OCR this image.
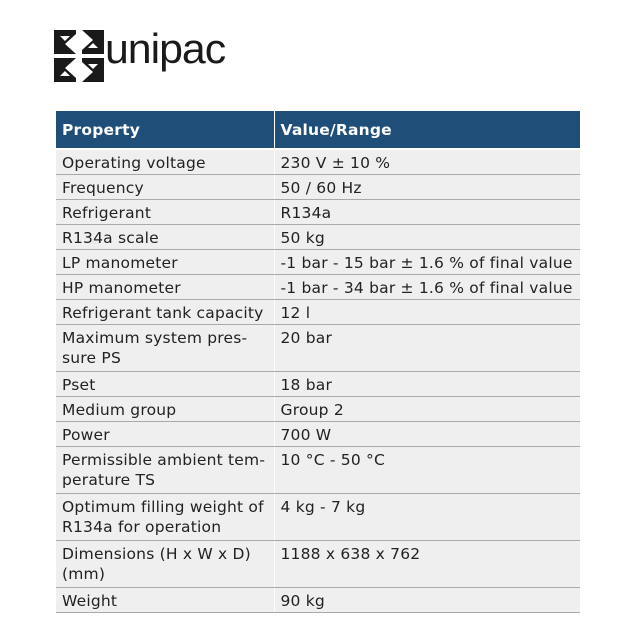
unipac
Property	Value/Range
Operating voltage	230 V ± 10 %
Frequency	50 / 60 Hz
Refrigerant	R134a
R134a scale	50 kg
LP manometer	-1 bar - 15 bar ± 1.6 % of final value
HP manometer	-1 bar - 34 bar ± 1.6 % of final value
Refrigerant tank capacity	12 l
Maximum system pres-sure PS	20 bar
Pset	18 bar
Medium group	Group 2
Power	700 W
Permissible ambient tem-perature TS	10 °C - 50 °C
Optimum filling weight of R134a for operation	4 kg - 7 kg
Dimensions (H x W x D) (mm)	1188 x 638 x 762
Weight	90 kg
